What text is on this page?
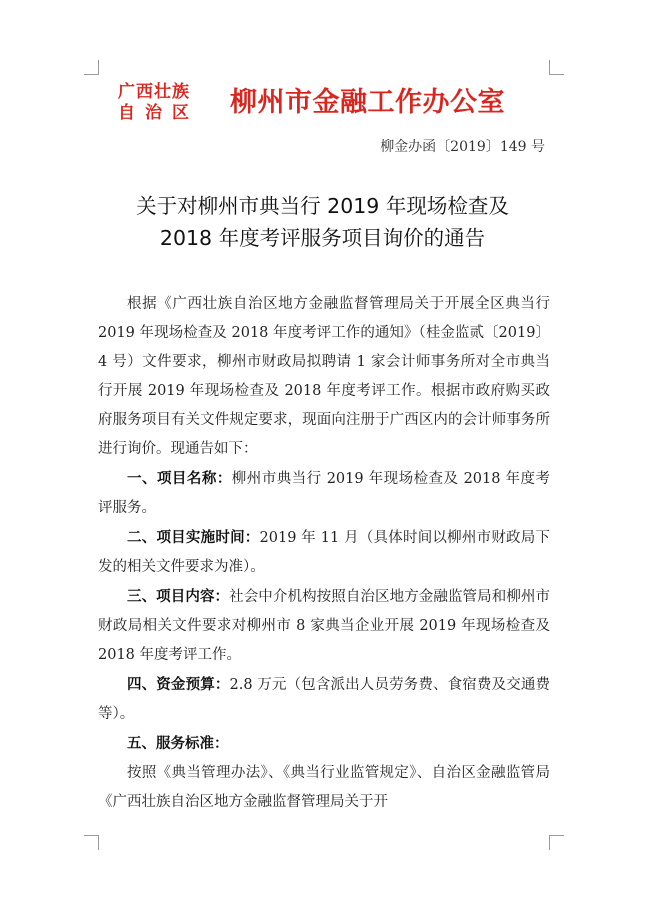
广西壮族
自治区 柳州市金融工作办公室
柳金办函〔2019〕149 号
关于对柳州市典当行 2019 年现场检查及
2018 年度考评服务项目询价的通告

根据《广西壮族自治区地方金融监督管理局关于开展全区典当行 2019 年现场检查及 2018 年度考评工作的通知》（桂金监贰〔2019〕4 号）文件要求，柳州市财政局拟聘请 1 家会计师事务所对全市典当行开展 2019 年现场检查及 2018 年度考评工作。根据市政府购买政府服务项目有关文件规定要求，现面向注册于广西区内的会计师事务所进行询价。现通告如下：

一、项目名称：柳州市典当行 2019 年现场检查及 2018 年度考评服务。

二、项目实施时间：2019 年 11 月（具体时间以柳州市财政局下发的相关文件要求为准）。

三、项目内容：社会中介机构按照自治区地方金融监管局和柳州市财政局相关文件要求对柳州市 8 家典当企业开展 2019 年现场检查及 2018 年度考评工作。

四、资金预算：2.8 万元（包含派出人员劳务费、食宿费及交通费等）。

五、服务标准：

按照《典当管理办法》、《典当行业监管规定》、自治区金融监管局《广西壮族自治区地方金融监督管理局关于开
